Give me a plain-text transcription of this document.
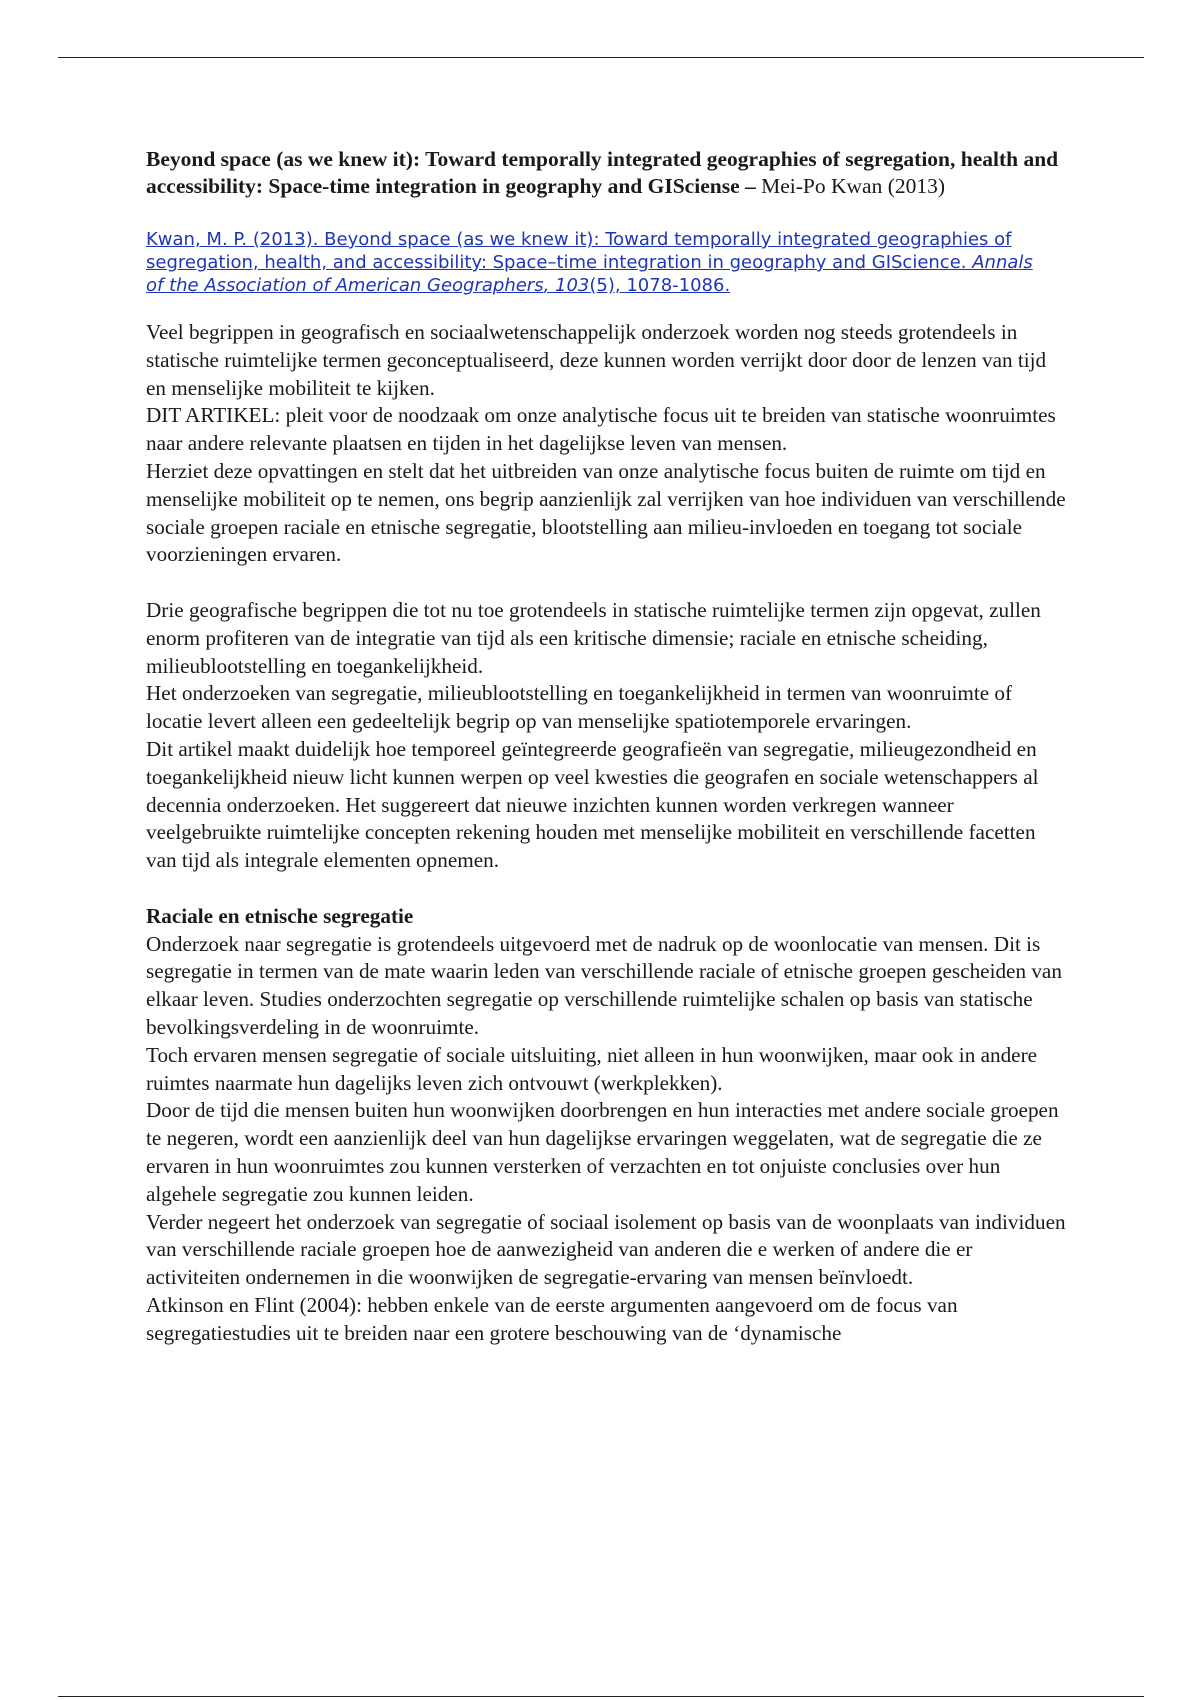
Beyond space (as we knew it): Toward temporally integrated geographies of segregation, health and accessibility: Space-time integration in geography and GISciense – Mei-Po Kwan (2013)

Kwan, M. P. (2013). Beyond space (as we knew it): Toward temporally integrated geographies of segregation, health, and accessibility: Space–time integration in geography and GIScience. Annals of the Association of American Geographers, 103(5), 1078-1086.

Veel begrippen in geografisch en sociaalwetenschappelijk onderzoek worden nog steeds grotendeels in statische ruimtelijke termen geconceptualiseerd, deze kunnen worden verrijkt door door de lenzen van tijd en menselijke mobiliteit te kijken.

DIT ARTIKEL: pleit voor de noodzaak om onze analytische focus uit te breiden van statische woonruimtes naar andere relevante plaatsen en tijden in het dagelijkse leven van mensen.

Herziet deze opvattingen en stelt dat het uitbreiden van onze analytische focus buiten de ruimte om tijd en menselijke mobiliteit op te nemen, ons begrip aanzienlijk zal verrijken van hoe individuen van verschillende sociale groepen raciale en etnische segregatie, blootstelling aan milieu-invloeden en toegang tot sociale voorzieningen ervaren.

Drie geografische begrippen die tot nu toe grotendeels in statische ruimtelijke termen zijn opgevat, zullen enorm profiteren van de integratie van tijd als een kritische dimensie; raciale en etnische scheiding, milieublootstelling en toegankelijkheid.

Het onderzoeken van segregatie, milieublootstelling en toegankelijkheid in termen van woonruimte of locatie levert alleen een gedeeltelijk begrip op van menselijke spatiotemporele ervaringen.

Dit artikel maakt duidelijk hoe temporeel geïntegreerde geografieën van segregatie, milieugezondheid en toegankelijkheid nieuw licht kunnen werpen op veel kwesties die geografen en sociale wetenschappers al decennia onderzoeken. Het suggereert dat nieuwe inzichten kunnen worden verkregen wanneer veelgebruikte ruimtelijke concepten rekening houden met menselijke mobiliteit en verschillende facetten van tijd als integrale elementen opnemen.

Raciale en etnische segregatie

Onderzoek naar segregatie is grotendeels uitgevoerd met de nadruk op de woonlocatie van mensen. Dit is segregatie in termen van de mate waarin leden van verschillende raciale of etnische groepen gescheiden van elkaar leven. Studies onderzochten segregatie op verschillende ruimtelijke schalen op basis van statische bevolkingsverdeling in de woonruimte.

Toch ervaren mensen segregatie of sociale uitsluiting, niet alleen in hun woonwijken, maar ook in andere ruimtes naarmate hun dagelijks leven zich ontvouwt (werkplekken).

Door de tijd die mensen buiten hun woonwijken doorbrengen en hun interacties met andere sociale groepen te negeren, wordt een aanzienlijk deel van hun dagelijkse ervaringen weggelaten, wat de segregatie die ze ervaren in hun woonruimtes zou kunnen versterken of verzachten en tot onjuiste conclusies over hun algehele segregatie zou kunnen leiden.

Verder negeert het onderzoek van segregatie of sociaal isolement op basis van de woonplaats van individuen van verschillende raciale groepen hoe de aanwezigheid van anderen die e werken of andere die er activiteiten ondernemen in die woonwijken de segregatie-ervaring van mensen beïnvloedt.

Atkinson en Flint (2004): hebben enkele van de eerste argumenten aangevoerd om de focus van segregatiestudies uit te breiden naar een grotere beschouwing van de ‘dynamische
